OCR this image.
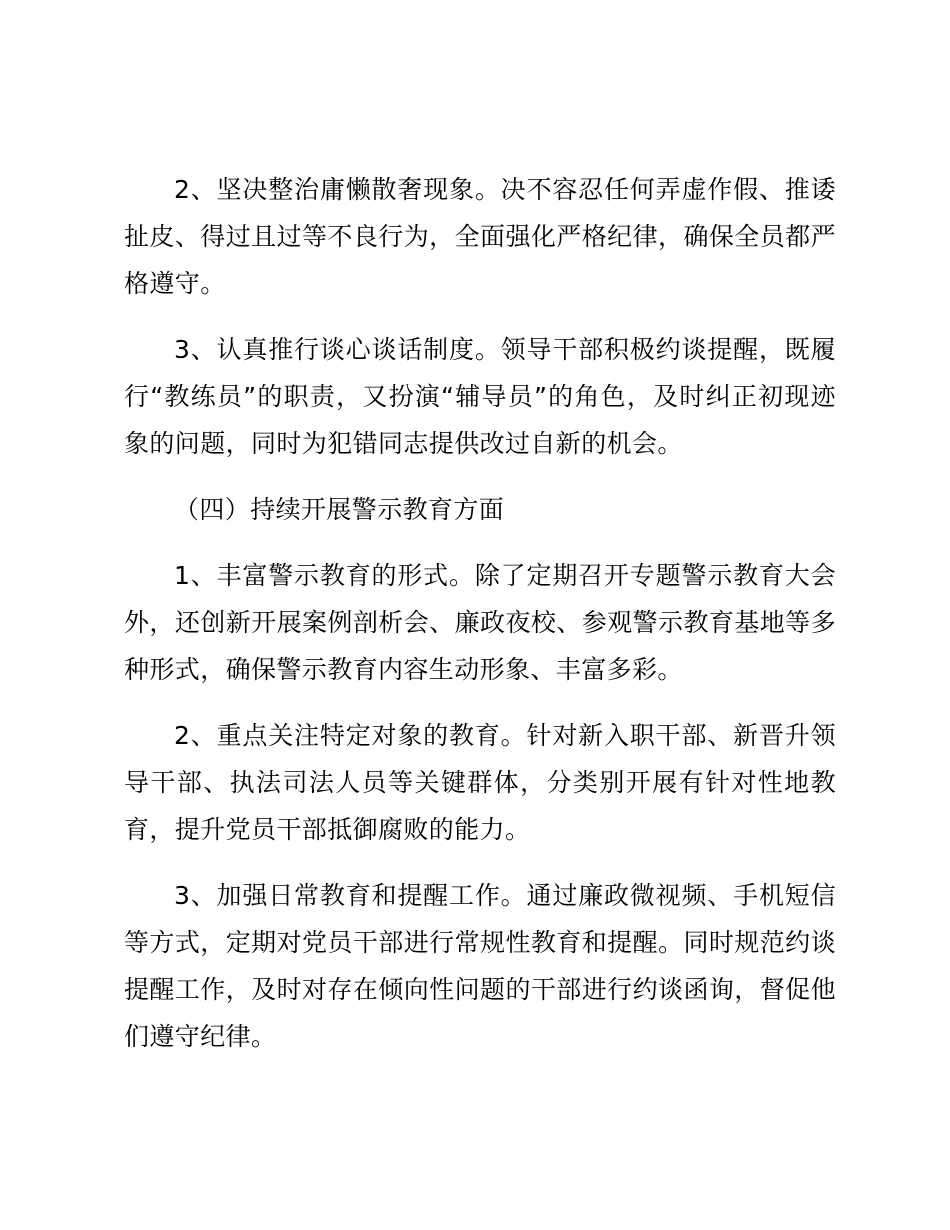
2、坚决整治庸懒散奢现象。决不容忍任何弄虚作假、推诿扯皮、得过且过等不良行为，全面强化严格纪律，确保全员都严格遵守。

3、认真推行谈心谈话制度。领导干部积极约谈提醒，既履行“教练员”的职责，又扮演“辅导员”的角色，及时纠正初现迹象的问题，同时为犯错同志提供改过自新的机会。

（四）持续开展警示教育方面

1、丰富警示教育的形式。除了定期召开专题警示教育大会外，还创新开展案例剖析会、廉政夜校、参观警示教育基地等多种形式，确保警示教育内容生动形象、丰富多彩。

2、重点关注特定对象的教育。针对新入职干部、新晋升领导干部、执法司法人员等关键群体，分类别开展有针对性地教育，提升党员干部抵御腐败的能力。

3、加强日常教育和提醒工作。通过廉政微视频、手机短信等方式，定期对党员干部进行常规性教育和提醒。同时规范约谈提醒工作，及时对存在倾向性问题的干部进行约谈函询，督促他们遵守纪律。
